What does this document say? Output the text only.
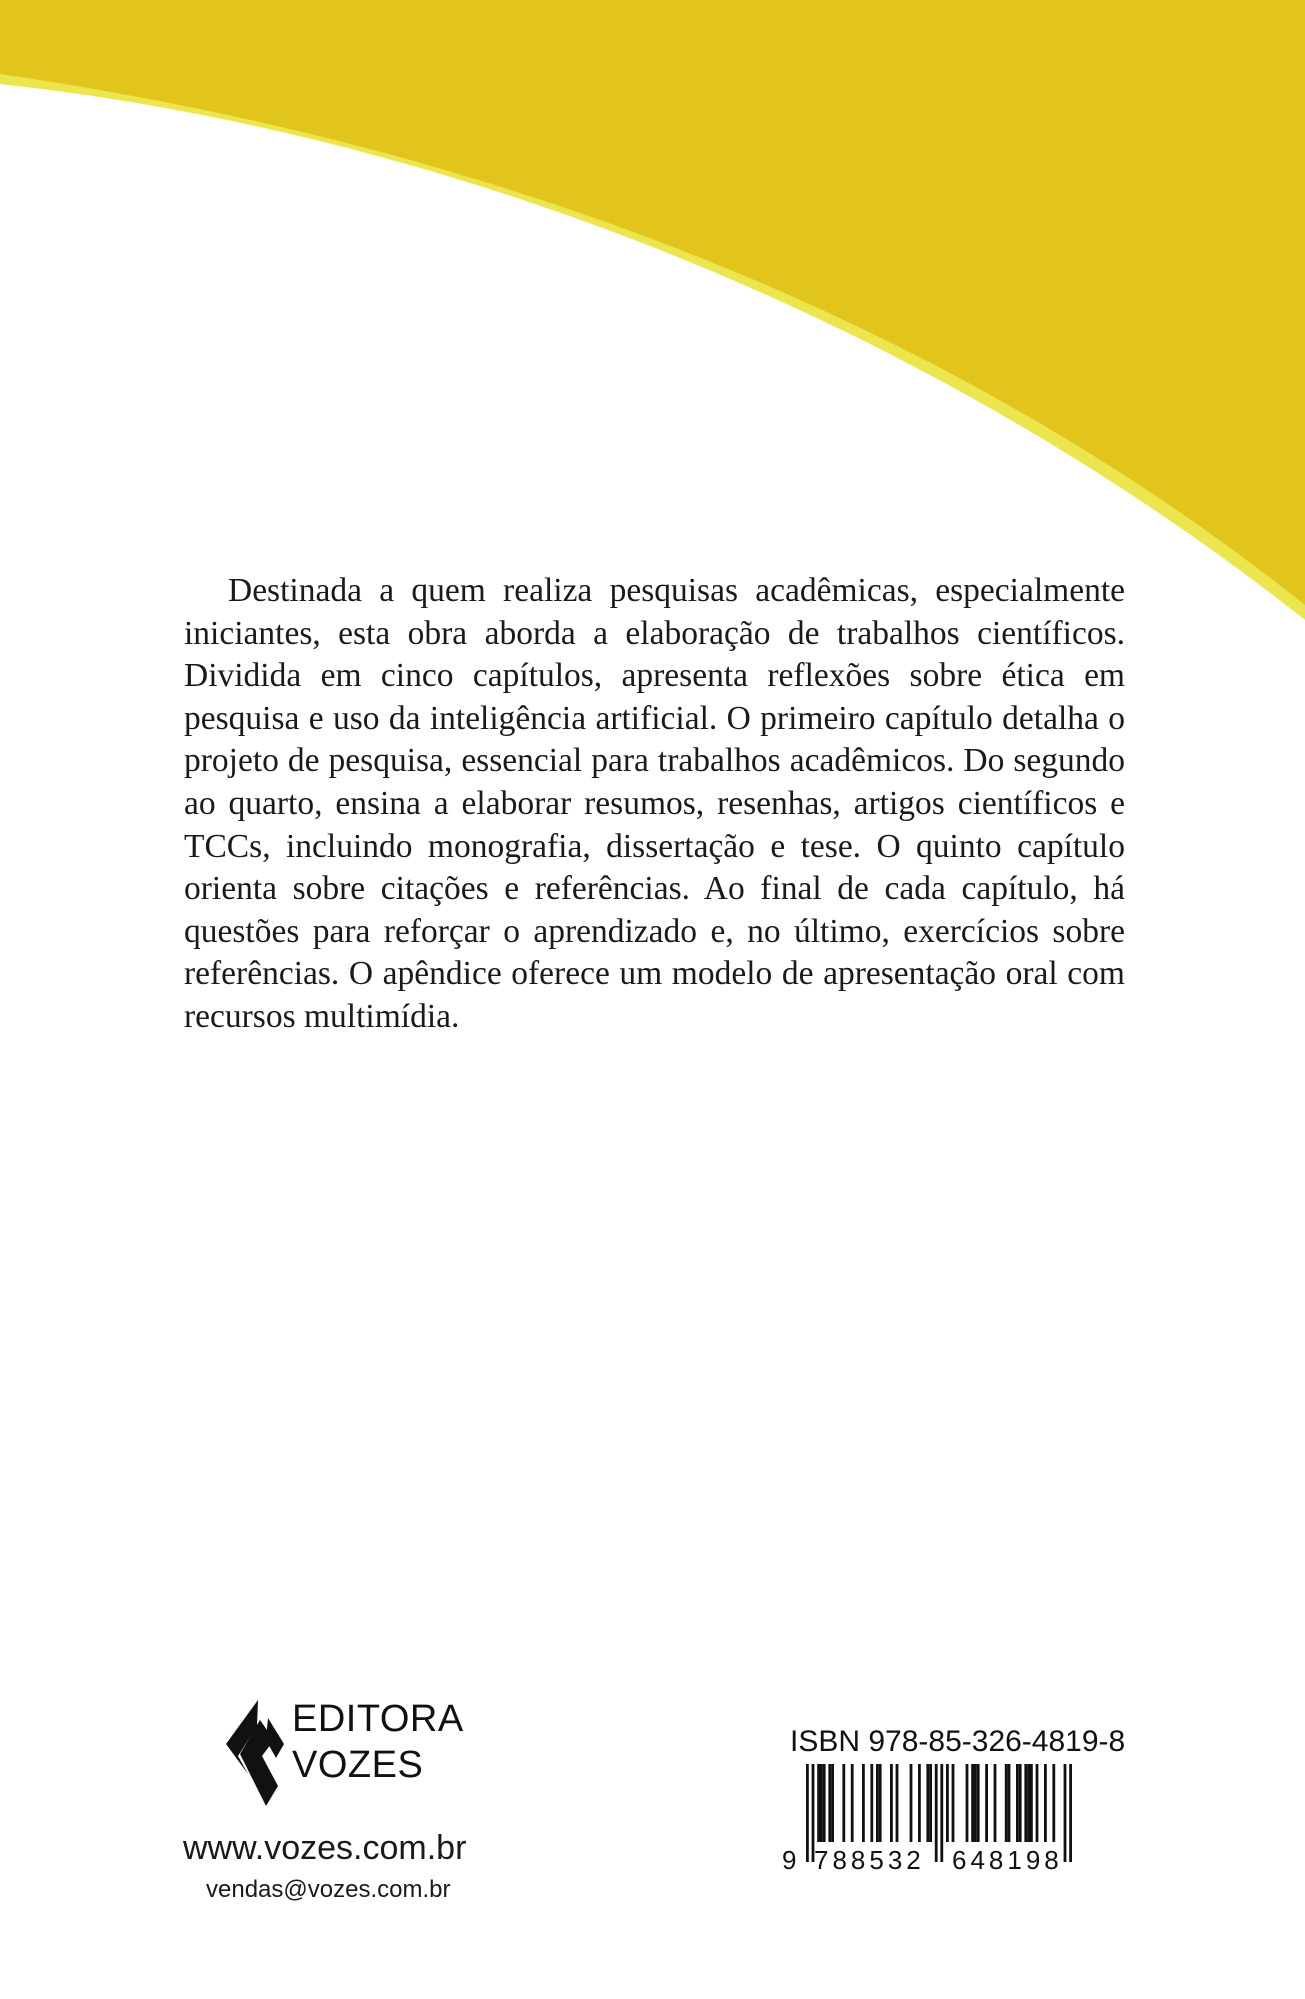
Destinada a quem realiza pesquisas acadêmicas, especialmente iniciantes, esta obra aborda a elaboração de trabalhos científicos. Dividida em cinco capítulos, apresenta reflexões sobre ética em pesquisa e uso da inteligência artificial. O primeiro capítulo detalha o projeto de pesquisa, essencial para trabalhos acadêmicos. Do segundo ao quarto, ensina a elaborar resumos, resenhas, artigos científicos e TCCs, incluindo monografia, dissertação e tese. O quinto capítulo orienta sobre citações e referências. Ao final de cada capítulo, há questões para reforçar o aprendizado e, no último, exercícios sobre referências. O apêndice oferece um modelo de apresentação oral com recursos multimídia.

EDITORA
VOZES
www.vozes.com.br
vendas@vozes.com.br
ISBN 978-85-326-4819-8
9 788532 648198
